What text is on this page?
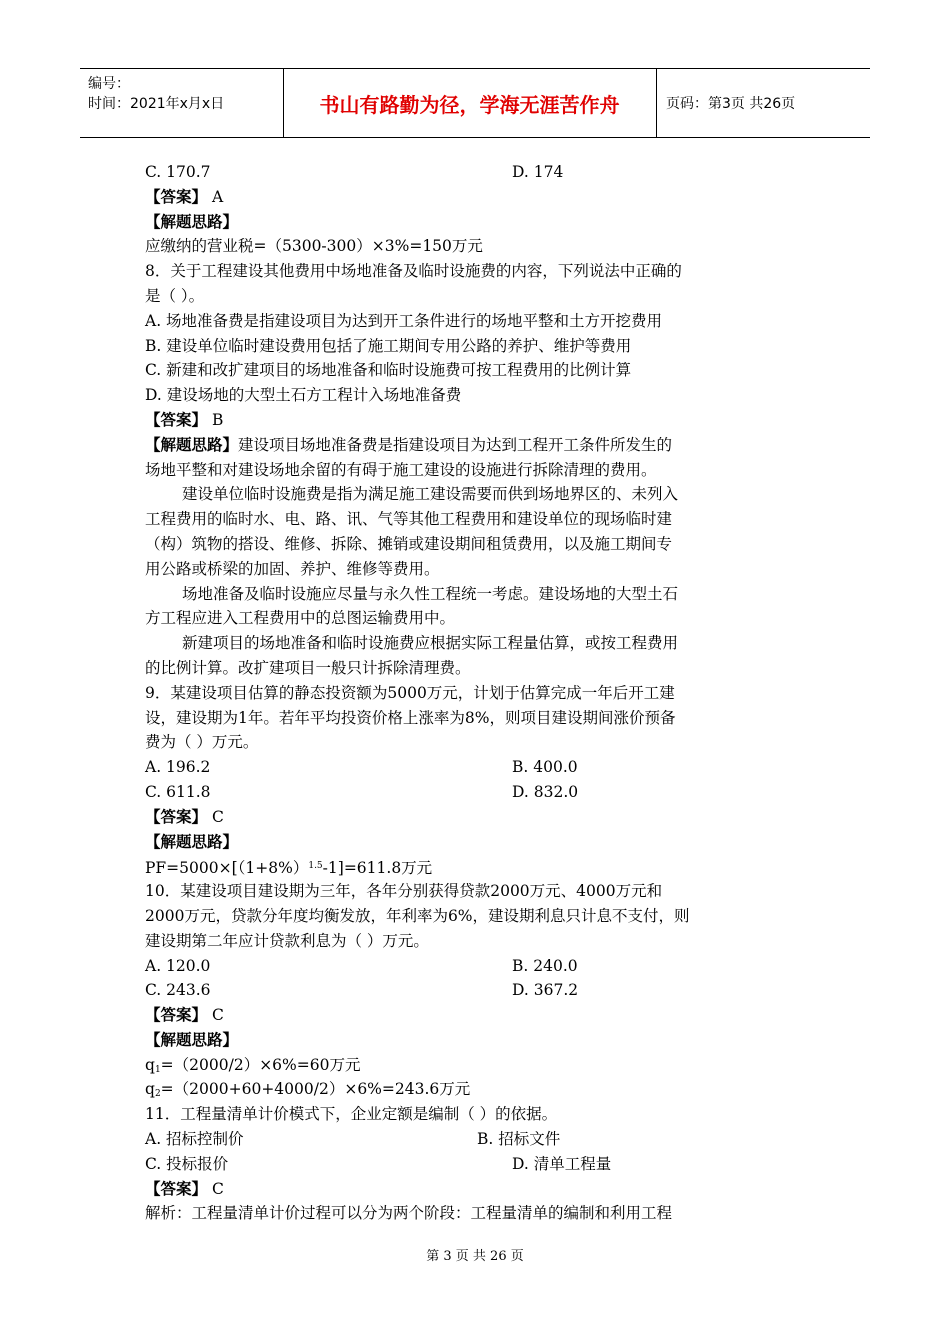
编号：
时间：2021年x月x日	书山有路勤为径，学海无涯苦作舟	页码：第3页 共26页
C. 170.7	D. 174
【答案】 A
【解题思路】
应缴纳的营业税=（5300-300）×3%=150万元
8．关于工程建设其他费用中场地准备及临时设施费的内容，下列说法中正确的
是（ ）。
A. 场地准备费是指建设项目为达到开工条件进行的场地平整和土方开挖费用
B. 建设单位临时建设费用包括了施工期间专用公路的养护、维护等费用
C. 新建和改扩建项目的场地准备和临时设施费可按工程费用的比例计算
D. 建设场地的大型土石方工程计入场地准备费
【答案】 B
【解题思路】建设项目场地准备费是指建设项目为达到工程开工条件所发生的
场地平整和对建设场地余留的有碍于施工建设的设施进行拆除清理的费用。
建设单位临时设施费是指为满足施工建设需要而供到场地界区的、未列入
工程费用的临时水、电、路、讯、气等其他工程费用和建设单位的现场临时建
（构）筑物的搭设、维修、拆除、摊销或建设期间租赁费用，以及施工期间专
用公路或桥梁的加固、养护、维修等费用。
场地准备及临时设施应尽量与永久性工程统一考虑。建设场地的大型土石
方工程应进入工程费用中的总图运输费用中。
新建项目的场地准备和临时设施费应根据实际工程量估算，或按工程费用
的比例计算。改扩建项目一般只计拆除清理费。
9．某建设项目估算的静态投资额为5000万元，计划于估算完成一年后开工建
设，建设期为1年。若年平均投资价格上涨率为8%，则项目建设期间涨价预备
费为（ ）万元。
A. 196.2	B. 400.0
C. 611.8	D. 832.0
【答案】 C
【解题思路】
$PF=5000\times[(1+8\%)^{1.5}-1]=611.8$万元
10．某建设项目建设期为三年，各年分别获得贷款2000万元、4000万元和
2000万元，贷款分年度均衡发放，年利率为6%，建设期利息只计息不支付，则
建设期第二年应计贷款利息为（ ）万元。
A. 120.0	B. 240.0
C. 243.6	D. 367.2
【答案】 C
【解题思路】
$q_1=(2000/2)\times 6\%=60$万元
$q_2=(2000+60+4000/2)\times 6\%=243.6$万元
11．工程量清单计价模式下，企业定额是编制（ ）的依据。
A. 招标控制价	B. 招标文件
C. 投标报价	D. 清单工程量
【答案】 C
解析：工程量清单计价过程可以分为两个阶段：工程量清单的编制和利用工程
第 3 页 共 26 页
